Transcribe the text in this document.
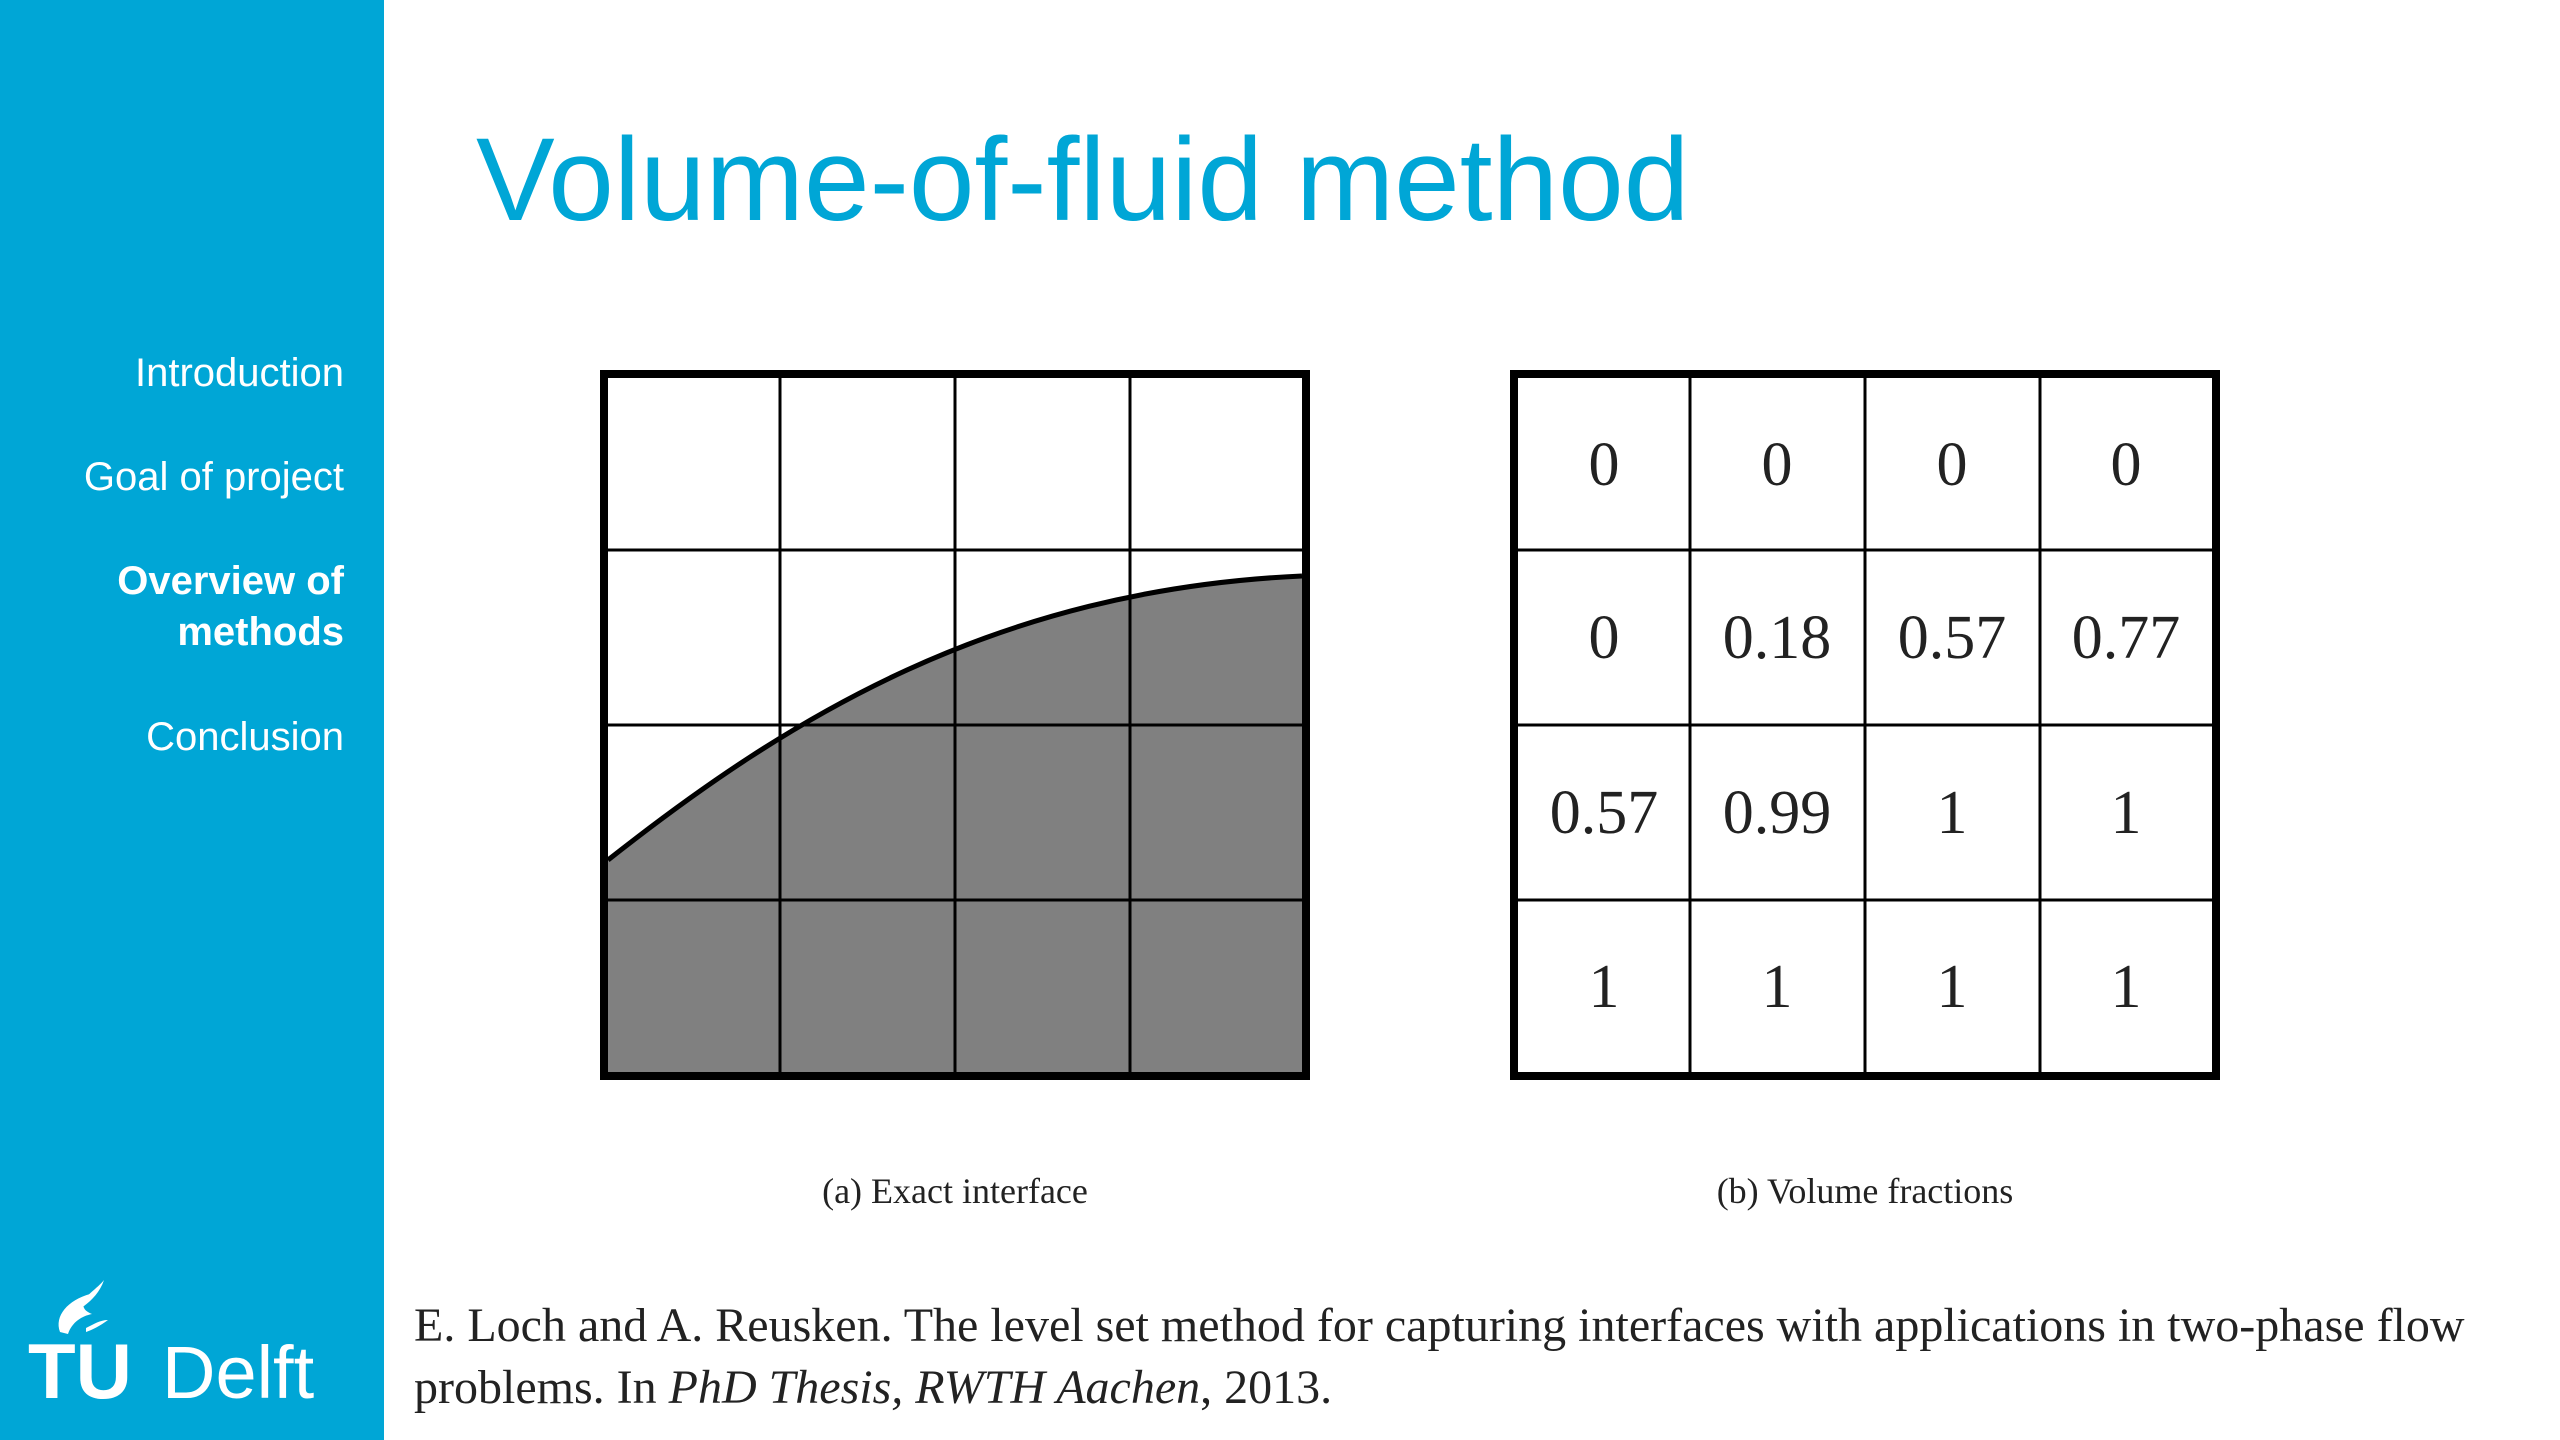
Introduction
Goal of project
Overview of
methods
Conclusion
TU Delft
Volume-of-fluid method
(a) Exact interface
0 0 0 0
0 0.18 0.57 0.77
0.57 0.99 1 1
1 1 1 1
(b) Volume fractions
E. Loch and A. Reusken. The level set method for capturing interfaces with applications in two-phase flow problems. In PhD Thesis, RWTH Aachen, 2013.
